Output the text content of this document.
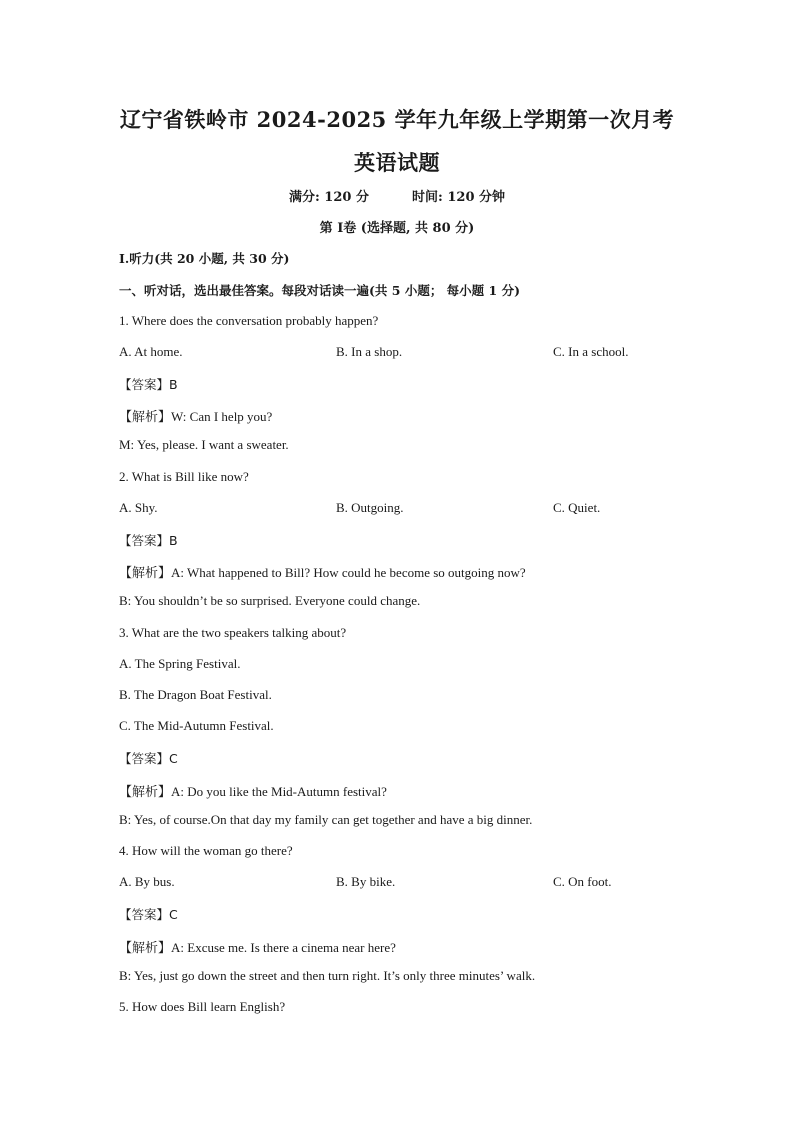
辽宁省铁岭市 2024-2025 学年九年级上学期第一次月考
英语试题
满分: 120 分	时间: 120 分钟
第 Ⅰ卷 (选择题, 共 80 分)
Ⅰ.听力(共 20 小题, 共 30 分)
一、听对话，选出最佳答案。每段对话读一遍(共 5 小题； 每小题 1 分)
1. Where does the conversation probably happen?
A. At home.	B. In a shop.	C. In a school.
【答案】B
【解析】W: Can I help you?
M: Yes, please. I want a sweater.
2. What is Bill like now?
A. Shy.	B. Outgoing.	C. Quiet.
【答案】B
【解析】A: What happened to Bill? How could he become so outgoing now?
B: You shouldn’t be so surprised. Everyone could change.
3. What are the two speakers talking about?
A. The Spring Festival.
B. The Dragon Boat Festival.
C. The Mid-Autumn Festival.
【答案】C
【解析】A: Do you like the Mid-Autumn festival?
B: Yes, of course.On that day my family can get together and have a big dinner.
4. How will the woman go there?
A. By bus.	B. By bike.	C. On foot.
【答案】C
【解析】A: Excuse me. Is there a cinema near here?
B: Yes, just go down the street and then turn right. It’s only three minutes’ walk.
5. How does Bill learn English?
